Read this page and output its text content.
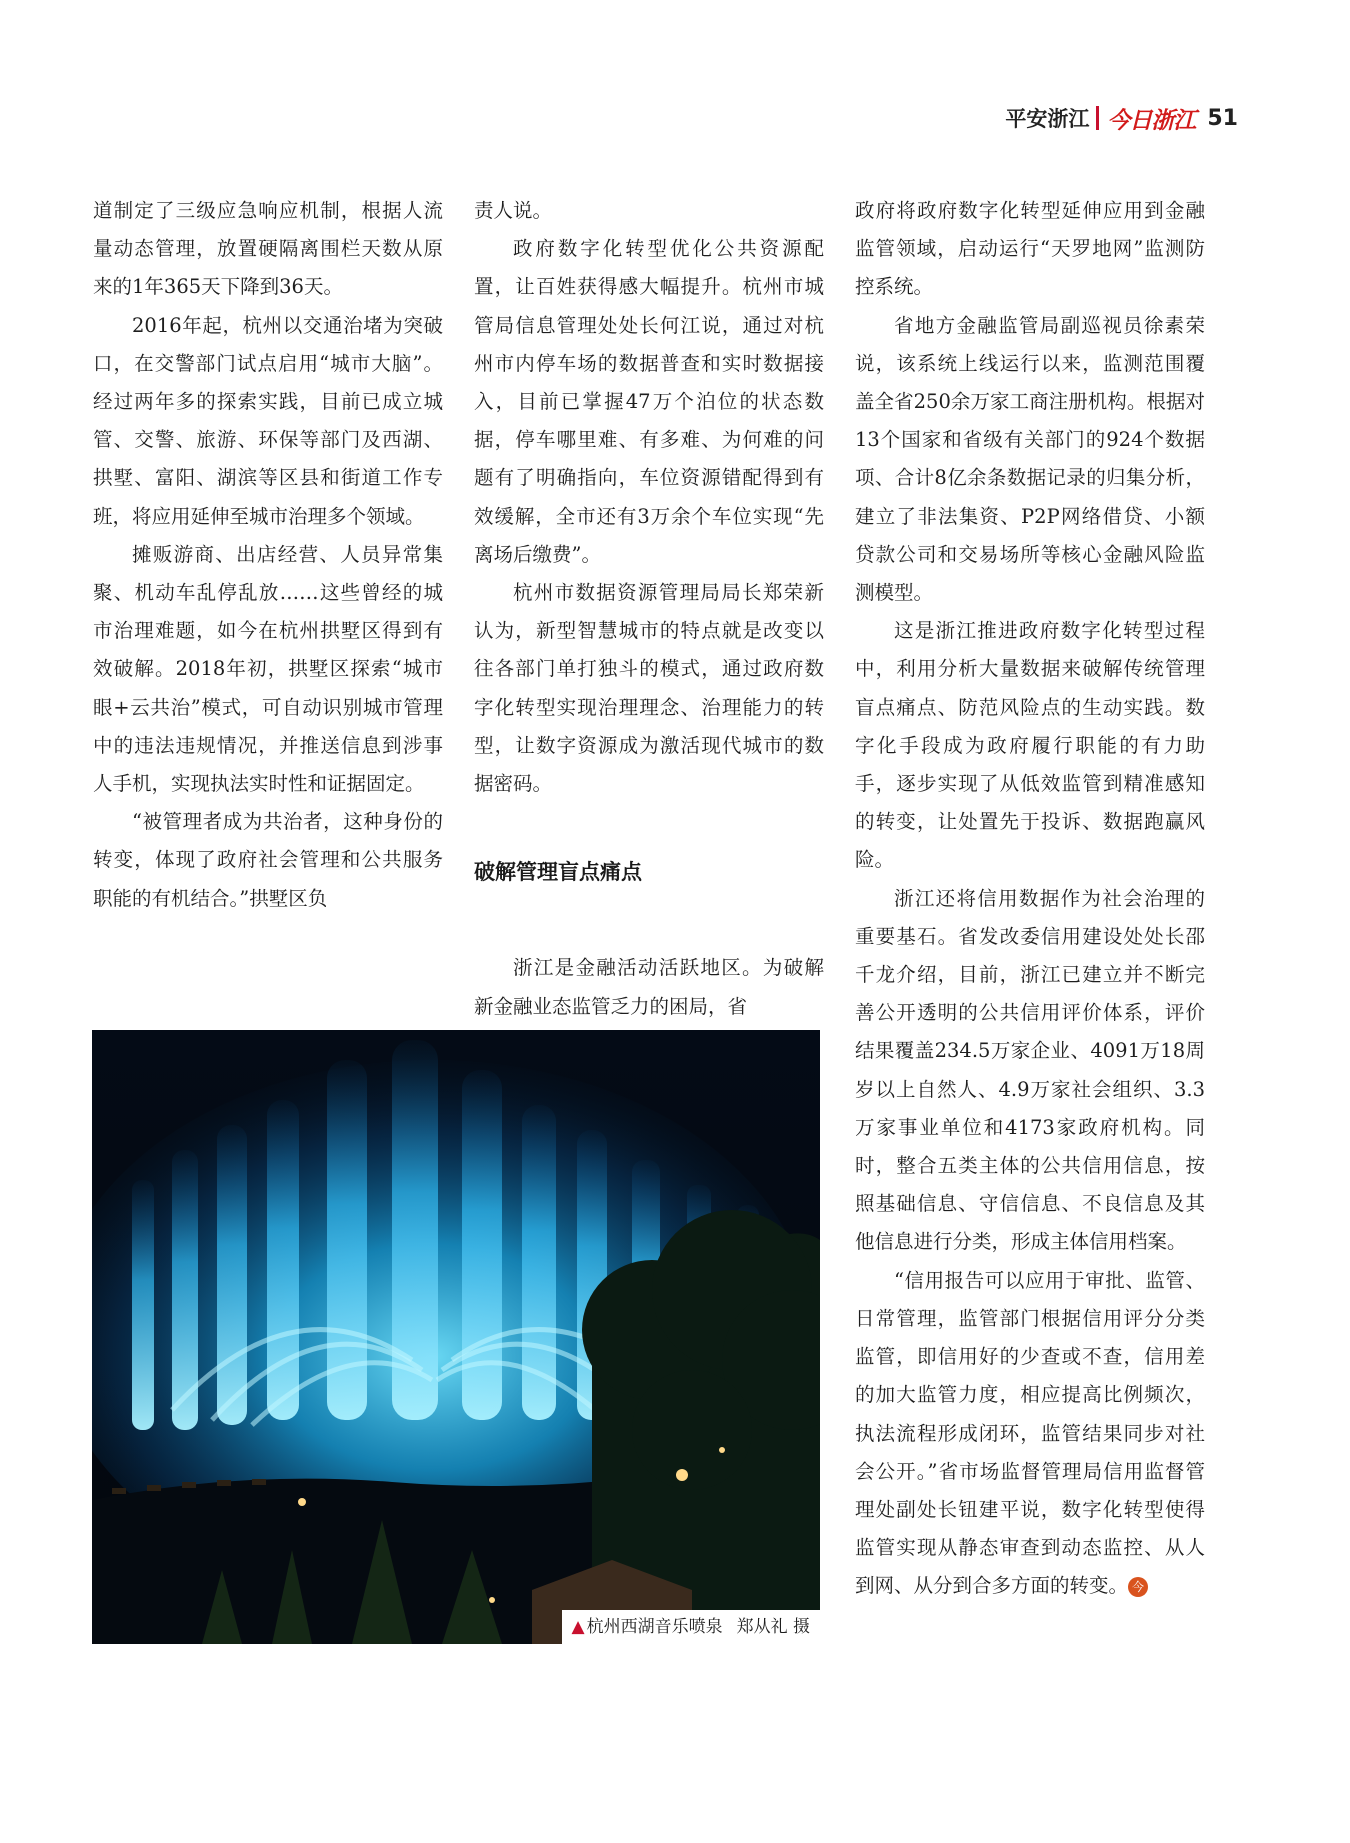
平安浙江 今日浙江 51

道制定了三级应急响应机制，根据人流量动态管理，放置硬隔离围栏天数从原来的1年365天下降到36天。

2016年起，杭州以交通治堵为突破口，在交警部门试点启用“城市大脑”。经过两年多的探索实践，目前已成立城管、交警、旅游、环保等部门及西湖、拱墅、富阳、湖滨等区县和街道工作专班，将应用延伸至城市治理多个领域。

摊贩游商、出店经营、人员异常集聚、机动车乱停乱放……这些曾经的城市治理难题，如今在杭州拱墅区得到有效破解。2018年初，拱墅区探索“城市眼+云共治”模式，可自动识别城市管理中的违法违规情况，并推送信息到涉事人手机，实现执法实时性和证据固定。

“被管理者成为共治者，这种身份的转变，体现了政府社会管理和公共服务职能的有机结合。”拱墅区负

责人说。

政府数字化转型优化公共资源配置，让百姓获得感大幅提升。杭州市城管局信息管理处处长何江说，通过对杭州市内停车场的数据普查和实时数据接入，目前已掌握47万个泊位的状态数据，停车哪里难、有多难、为何难的问题有了明确指向，车位资源错配得到有效缓解，全市还有3万余个车位实现“先离场后缴费”。

杭州市数据资源管理局局长郑荣新认为，新型智慧城市的特点就是改变以往各部门单打独斗的模式，通过政府数字化转型实现治理理念、治理能力的转型，让数字资源成为激活现代城市的数据密码。

破解管理盲点痛点

浙江是金融活动活跃地区。为破解新金融业态监管乏力的困局，省

政府将政府数字化转型延伸应用到金融监管领域，启动运行“天罗地网”监测防控系统。

省地方金融监管局副巡视员徐素荣说，该系统上线运行以来，监测范围覆盖全省250余万家工商注册机构。根据对13个国家和省级有关部门的924个数据项、合计8亿余条数据记录的归集分析，建立了非法集资、P2P网络借贷、小额贷款公司和交易场所等核心金融风险监测模型。

这是浙江推进政府数字化转型过程中，利用分析大量数据来破解传统管理盲点痛点、防范风险点的生动实践。数字化手段成为政府履行职能的有力助手，逐步实现了从低效监管到精准感知的转变，让处置先于投诉、数据跑赢风险。

浙江还将信用数据作为社会治理的重要基石。省发改委信用建设处处长邵千龙介绍，目前，浙江已建立并不断完善公开透明的公共信用评价体系，评价结果覆盖234.5万家企业、4091万18周岁以上自然人、4.9万家社会组织、3.3万家事业单位和4173家政府机构。同时，整合五类主体的公共信用信息，按照基础信息、守信信息、不良信息及其他信息进行分类，形成主体信用档案。

“信用报告可以应用于审批、监管、日常管理，监管部门根据信用评分分类监管，即信用好的少查或不查，信用差的加大监管力度，相应提高比例频次，执法流程形成闭环，监管结果同步对社会公开。”省市场监督管理局信用监督管理处副处长钮建平说，数字化转型使得监管实现从静态审查到动态监控、从人到网、从分到合多方面的转变。 今

▲ 杭州西湖音乐喷泉 郑从礼 摄
